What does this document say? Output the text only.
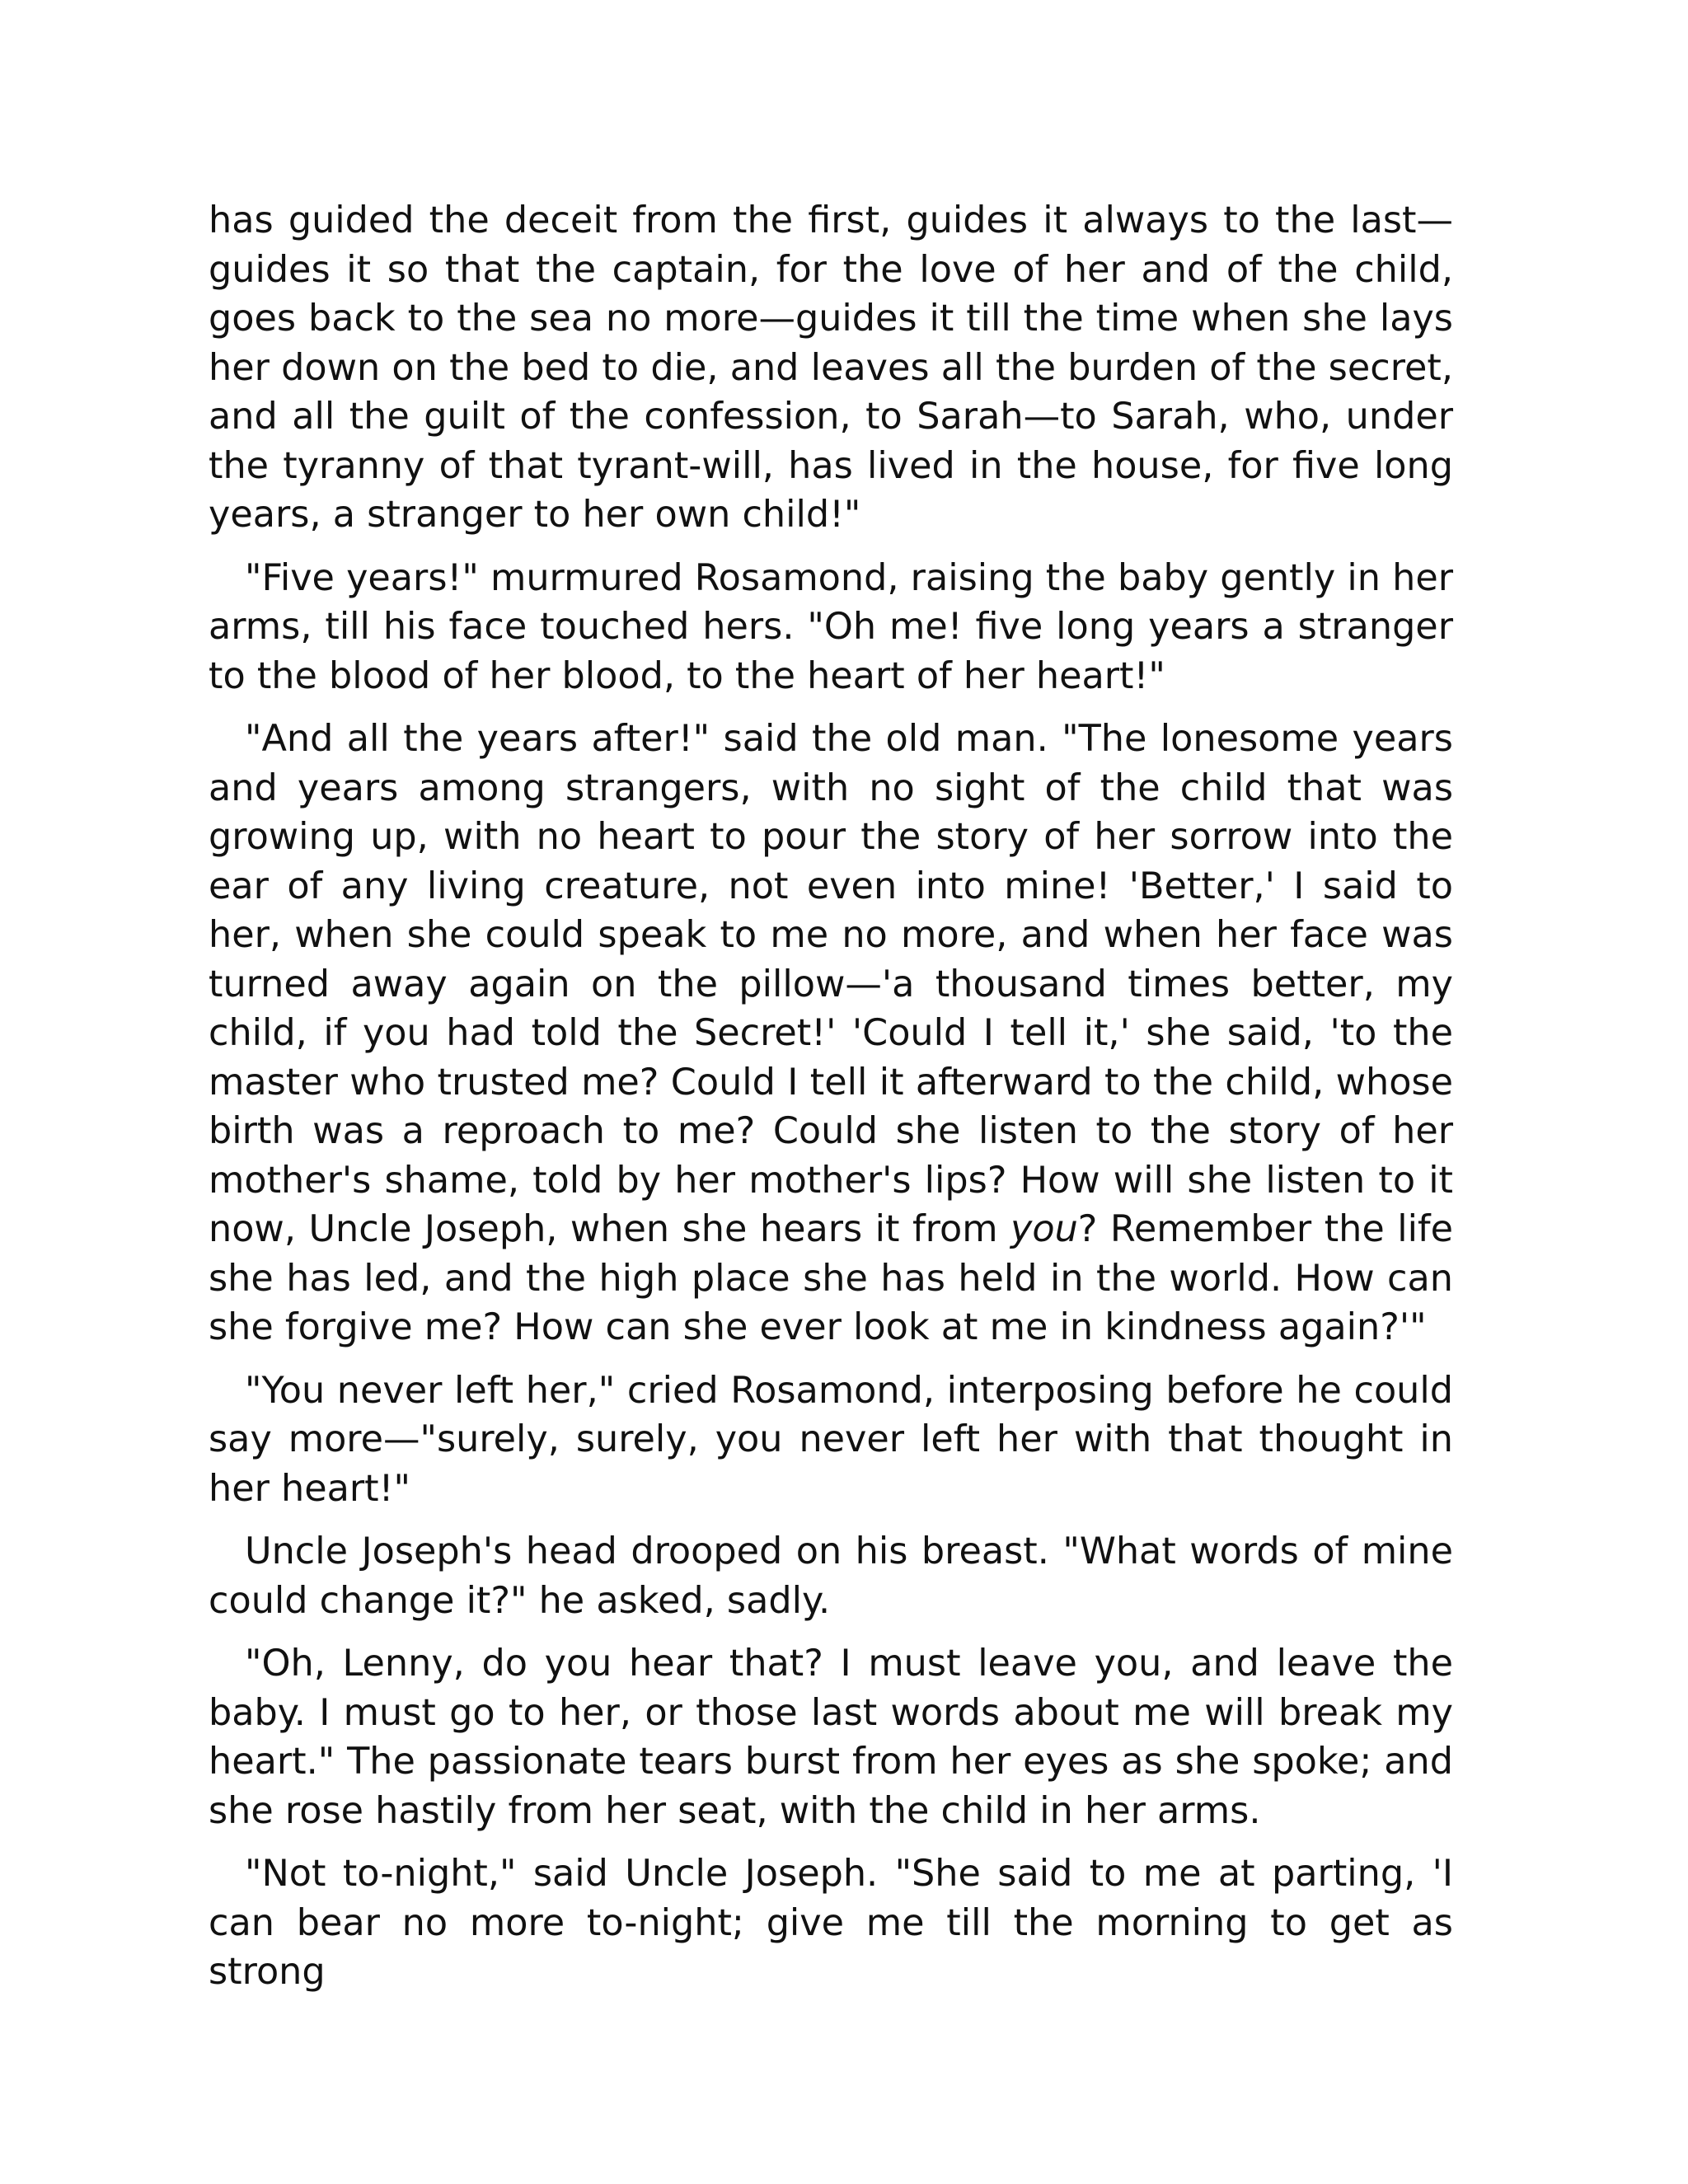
has guided the deceit from the first, guides it always to the last—guides it so that the captain, for the love of her and of the child, goes back to the sea no more—guides it till the time when she lays her down on the bed to die, and leaves all the burden of the secret, and all the guilt of the confession, to Sarah—to Sarah, who, under the tyranny of that tyrant-will, has lived in the house, for five long years, a stranger to her own child!"

"Five years!" murmured Rosamond, raising the baby gently in her arms, till his face touched hers. "Oh me! five long years a stranger to the blood of her blood, to the heart of her heart!"

"And all the years after!" said the old man. "The lonesome years and years among strangers, with no sight of the child that was growing up, with no heart to pour the story of her sorrow into the ear of any living creature, not even into mine! 'Better,' I said to her, when she could speak to me no more, and when her face was turned away again on the pillow—'a thousand times better, my child, if you had told the Secret!' 'Could I tell it,' she said, 'to the master who trusted me? Could I tell it afterward to the child, whose birth was a reproach to me? Could she listen to the story of her mother's shame, told by her mother's lips? How will she listen to it now, Uncle Joseph, when she hears it from you? Remember the life she has led, and the high place she has held in the world. How can she forgive me? How can she ever look at me in kindness again?'"

"You never left her," cried Rosamond, interposing before he could say more—"surely, surely, you never left her with that thought in her heart!"

Uncle Joseph's head drooped on his breast. "What words of mine could change it?" he asked, sadly.

"Oh, Lenny, do you hear that? I must leave you, and leave the baby. I must go to her, or those last words about me will break my heart." The passionate tears burst from her eyes as she spoke; and she rose hastily from her seat, with the child in her arms.

"Not to-night," said Uncle Joseph. "She said to me at parting, 'I can bear no more to-night; give me till the morning to get as strong
